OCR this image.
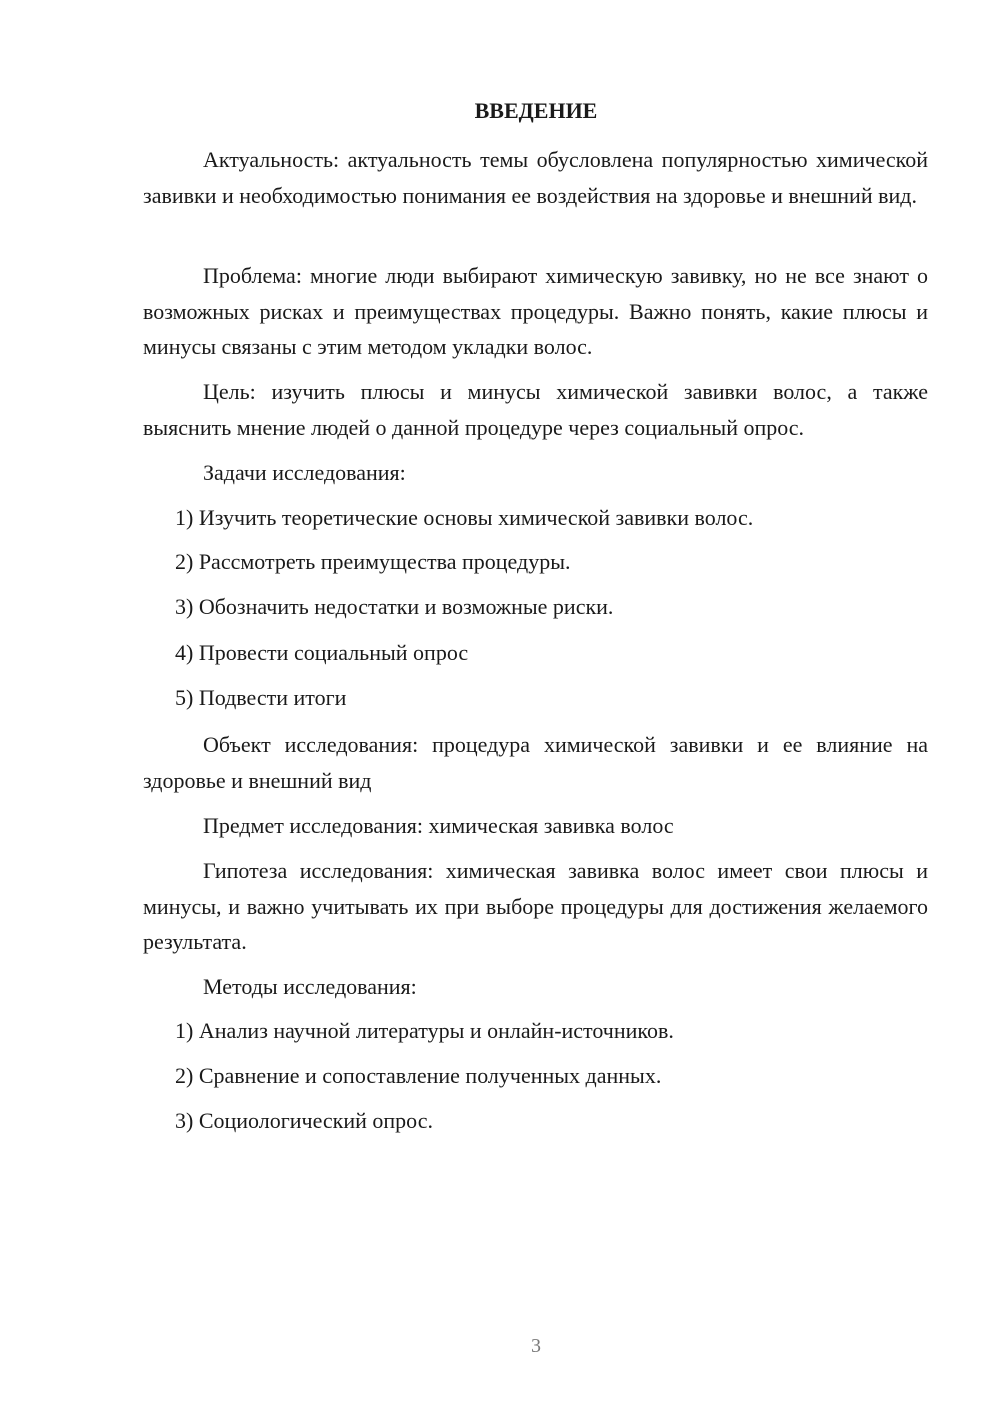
ВВЕДЕНИЕ

Актуальность: актуальность темы обусловлена популярностью химической завивки и необходимостью понимания ее воздействия на здоровье и внешний вид.

Проблема: многие люди выбирают химическую завивку, но не все знают о возможных рисках и преимуществах процедуры. Важно понять, какие плюсы и минусы связаны с этим методом укладки волос.

Цель: изучить плюсы и минусы химической завивки волос, а также выяснить мнение людей о данной процедуре через социальный опрос.

Задачи исследования:

1) Изучить теоретические основы химической завивки волос.

2) Рассмотреть преимущества процедуры.

3) Обозначить недостатки и возможные риски.

4) Провести социальный опрос

5) Подвести итоги

Объект исследования: процедура химической завивки и ее влияние на здоровье и внешний вид

Предмет исследования: химическая завивка волос

Гипотеза исследования: химическая завивка волос имеет свои плюсы и минусы, и важно учитывать их при выборе процедуры для достижения желаемого результата.

Методы исследования:

1) Анализ научной литературы и онлайн-источников.

2) Сравнение и сопоставление полученных данных.

3) Социологический опрос.

3
